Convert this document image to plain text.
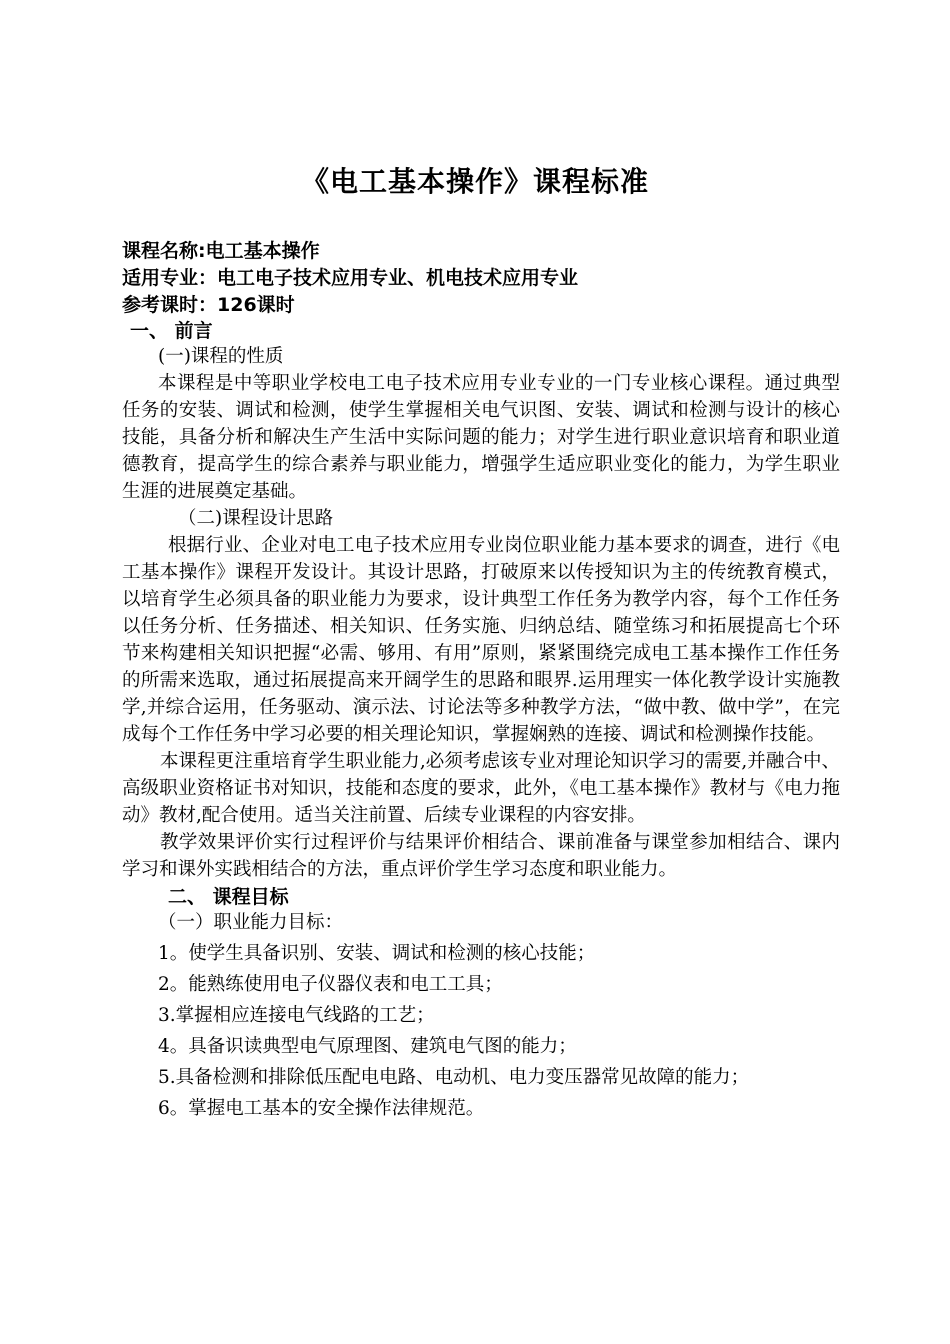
《电工基本操作》课程标准
课程名称:电工基本操作
适用专业：电工电子技术应用专业、机电技术应用专业
参考课时：126课时
一、 前言
(一)课程的性质
本课程是中等职业学校电工电子技术应用专业专业的一门专业核心课程。通过典型任务的安装、调试和检测，使学生掌握相关电气识图、安装、调试和检测与设计的核心技能，具备分析和解决生产生活中实际问题的能力；对学生进行职业意识培育和职业道德教育，提高学生的综合素养与职业能力，增强学生适应职业变化的能力，为学生职业生涯的进展奠定基础。
（二)课程设计思路
根据行业、企业对电工电子技术应用专业岗位职业能力基本要求的调查，进行《电工基本操作》课程开发设计。其设计思路，打破原来以传授知识为主的传统教育模式，以培育学生必须具备的职业能力为要求，设计典型工作任务为教学内容，每个工作任务以任务分析、任务描述、相关知识、任务实施、归纳总结、随堂练习和拓展提高七个环节来构建相关知识把握“必需、够用、有用”原则，紧紧围绕完成电工基本操作工作任务的所需来选取，通过拓展提高来开阔学生的思路和眼界.运用理实一体化教学设计实施教学,并综合运用，任务驱动、演示法、讨论法等多种教学方法，“做中教、做中学”，在完成每个工作任务中学习必要的相关理论知识，掌握娴熟的连接、调试和检测操作技能。
本课程更注重培育学生职业能力,必须考虑该专业对理论知识学习的需要,并融合中、高级职业资格证书对知识，技能和态度的要求，此外，《电工基本操作》教材与《电力拖动》教材,配合使用。适当关注前置、后续专业课程的内容安排。
教学效果评价实行过程评价与结果评价相结合、课前准备与课堂参加相结合、课内学习和课外实践相结合的方法，重点评价学生学习态度和职业能力。
二、 课程目标
（一）职业能力目标：
1。使学生具备识别、安装、调试和检测的核心技能；
2。能熟练使用电子仪器仪表和电工工具；
3.掌握相应连接电气线路的工艺；
4。具备识读典型电气原理图、建筑电气图的能力；
5.具备检测和排除低压配电电路、电动机、电力变压器常见故障的能力；
6。掌握电工基本的安全操作法律规范。
